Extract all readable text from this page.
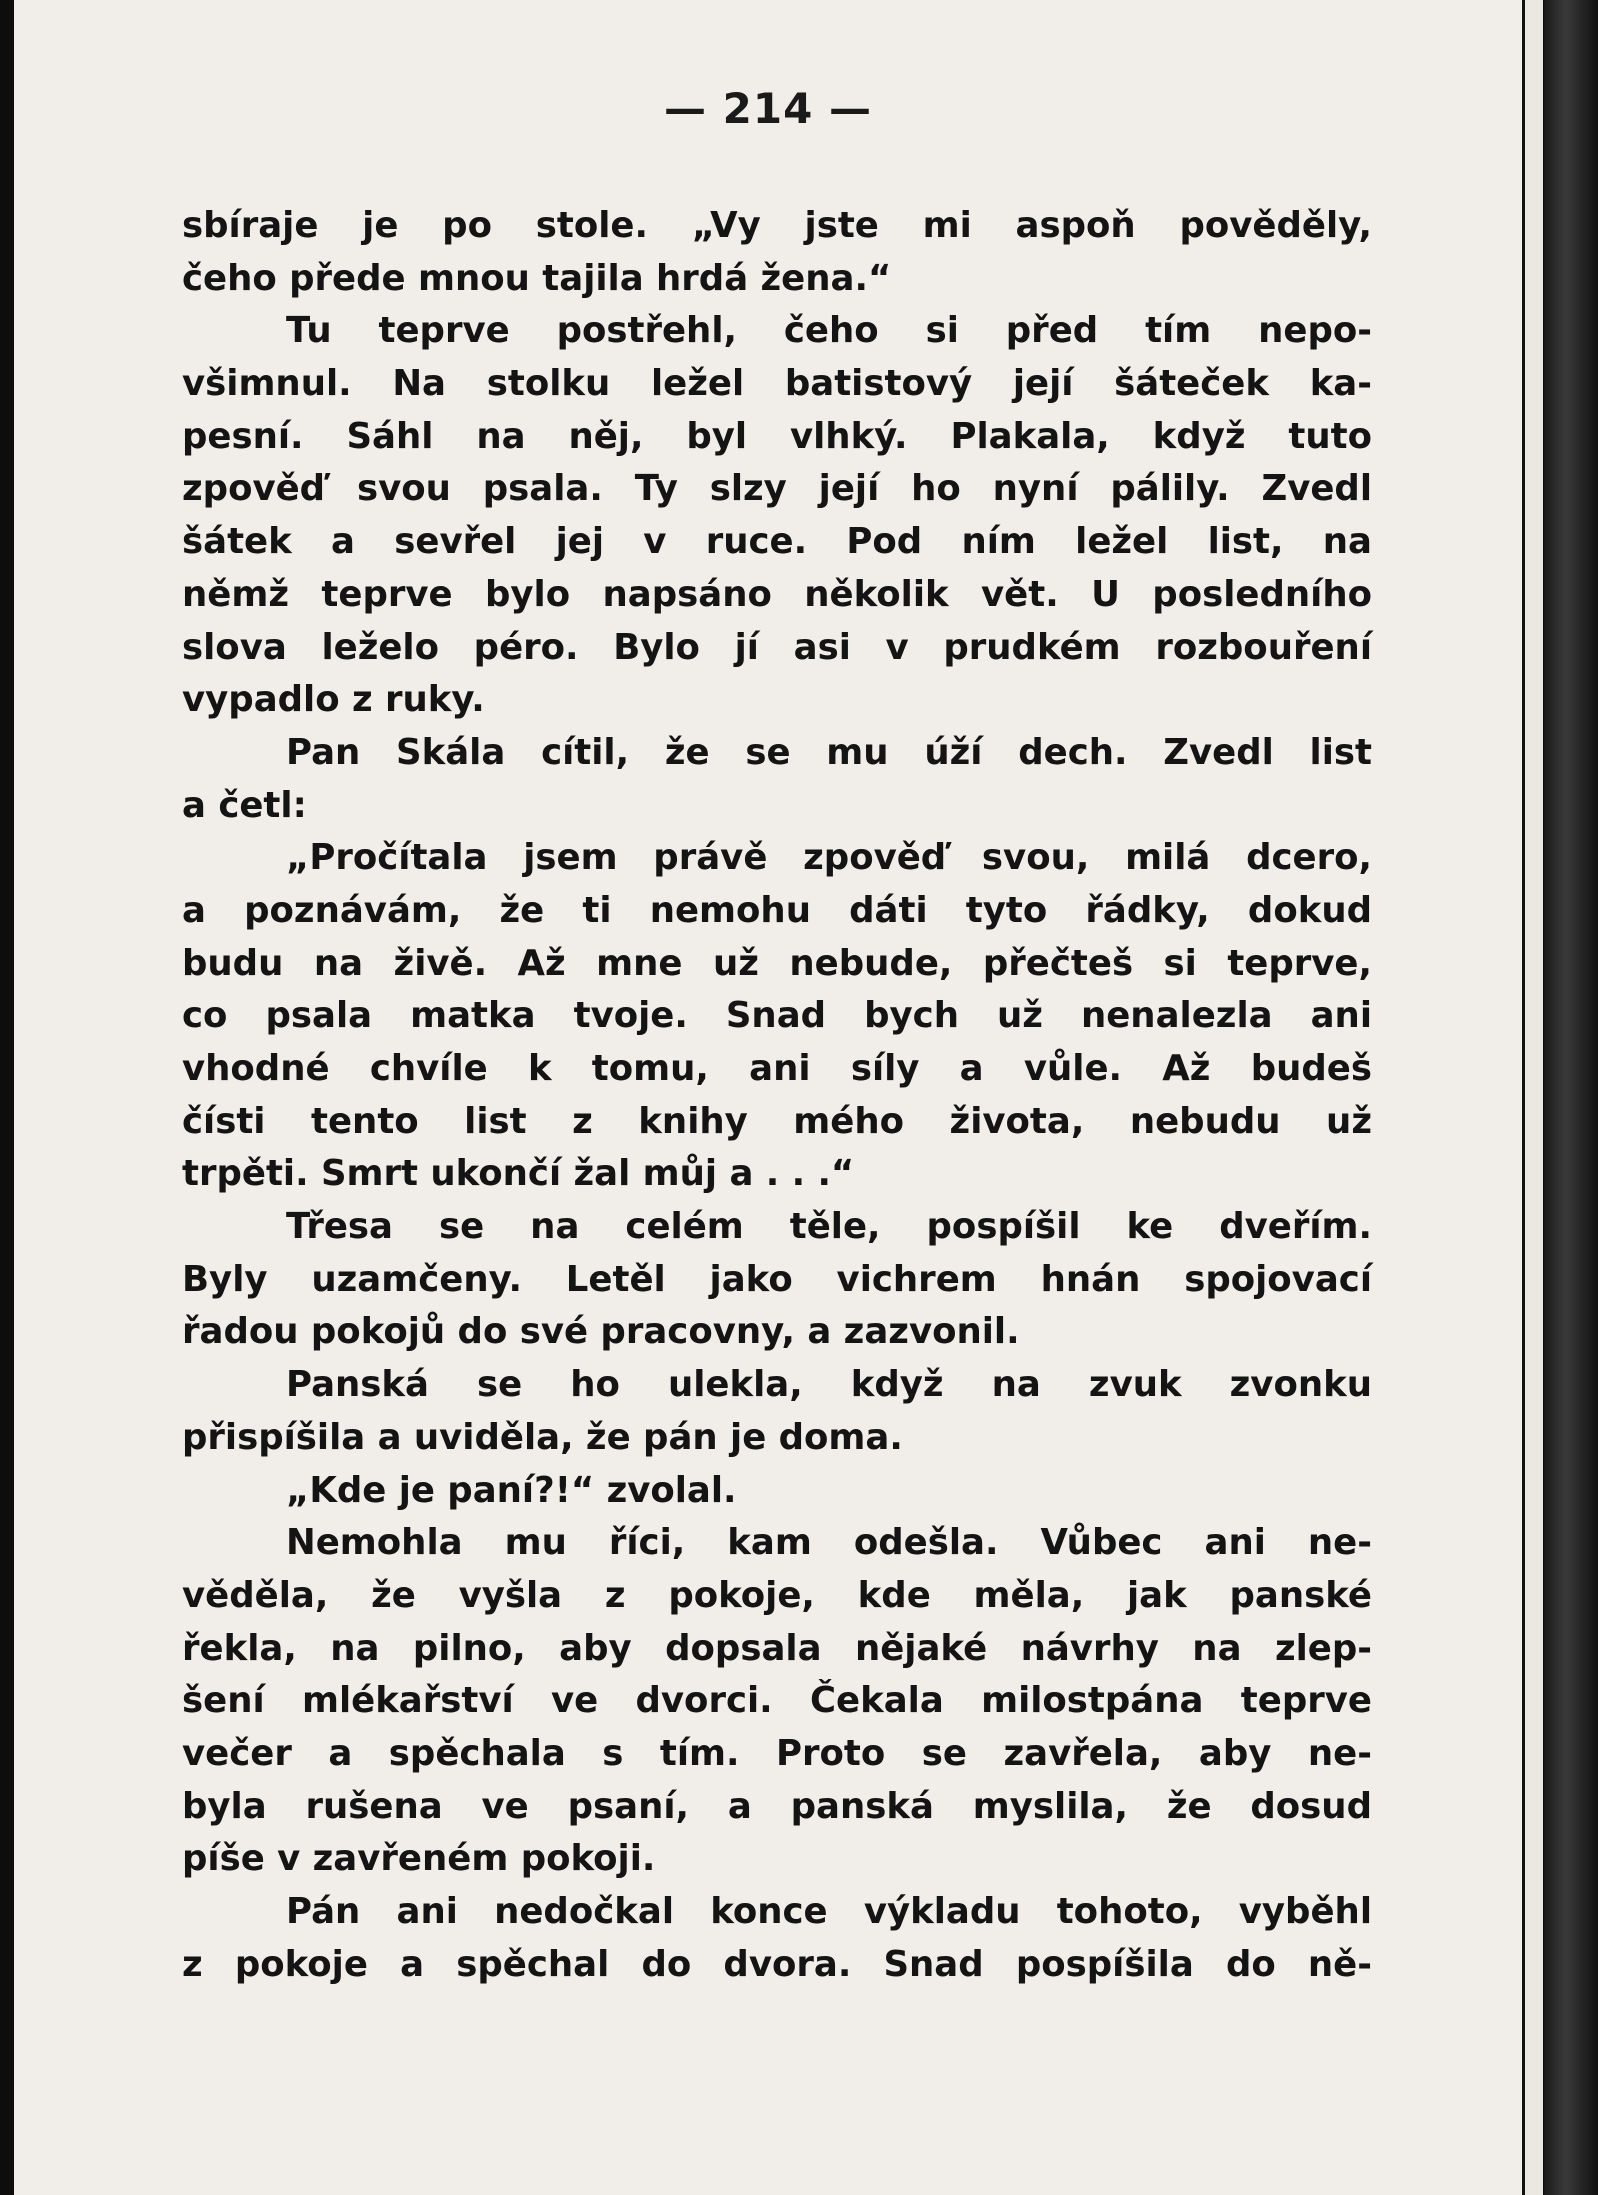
— 214 —
sbíraje je po stole. „Vy jste mi aspoň pověděly,
čeho přede mnou tajila hrdá žena.“
Tu teprve postřehl, čeho si před tím nepo-
všimnul. Na stolku ležel batistový její šáteček ka-
pesní. Sáhl na něj, byl vlhký. Plakala, když tuto
zpověď svou psala. Ty slzy její ho nyní pálily. Zvedl
šátek a sevřel jej v ruce. Pod ním ležel list, na
němž teprve bylo napsáno několik vět. U posledního
slova leželo péro. Bylo jí asi v prudkém rozbouření
vypadlo z ruky.
Pan Skála cítil, že se mu úží dech. Zvedl list
a četl:
„Pročítala jsem právě zpověď svou, milá dcero,
a poznávám, že ti nemohu dáti tyto řádky, dokud
budu na živě. Až mne už nebude, přečteš si teprve,
co psala matka tvoje. Snad bych už nenalezla ani
vhodné chvíle k tomu, ani síly a vůle. Až budeš
čísti tento list z knihy mého života, nebudu už
trpěti. Smrt ukončí žal můj a . . .“
Třesa se na celém těle, pospíšil ke dveřím.
Byly uzamčeny. Letěl jako vichrem hnán spojovací
řadou pokojů do své pracovny, a zazvonil.
Panská se ho ulekla, když na zvuk zvonku
přispíšila a uviděla, že pán je doma.
„Kde je paní?!“ zvolal.
Nemohla mu říci, kam odešla. Vůbec ani ne-
věděla, že vyšla z pokoje, kde měla, jak panské
řekla, na pilno, aby dopsala nějaké návrhy na zlep-
šení mlékařství ve dvorci. Čekala milostpána teprve
večer a spěchala s tím. Proto se zavřela, aby ne-
byla rušena ve psaní, a panská myslila, že dosud
píše v zavřeném pokoji.
Pán ani nedočkal konce výkladu tohoto, vyběhl
z pokoje a spěchal do dvora. Snad pospíšila do ně-
